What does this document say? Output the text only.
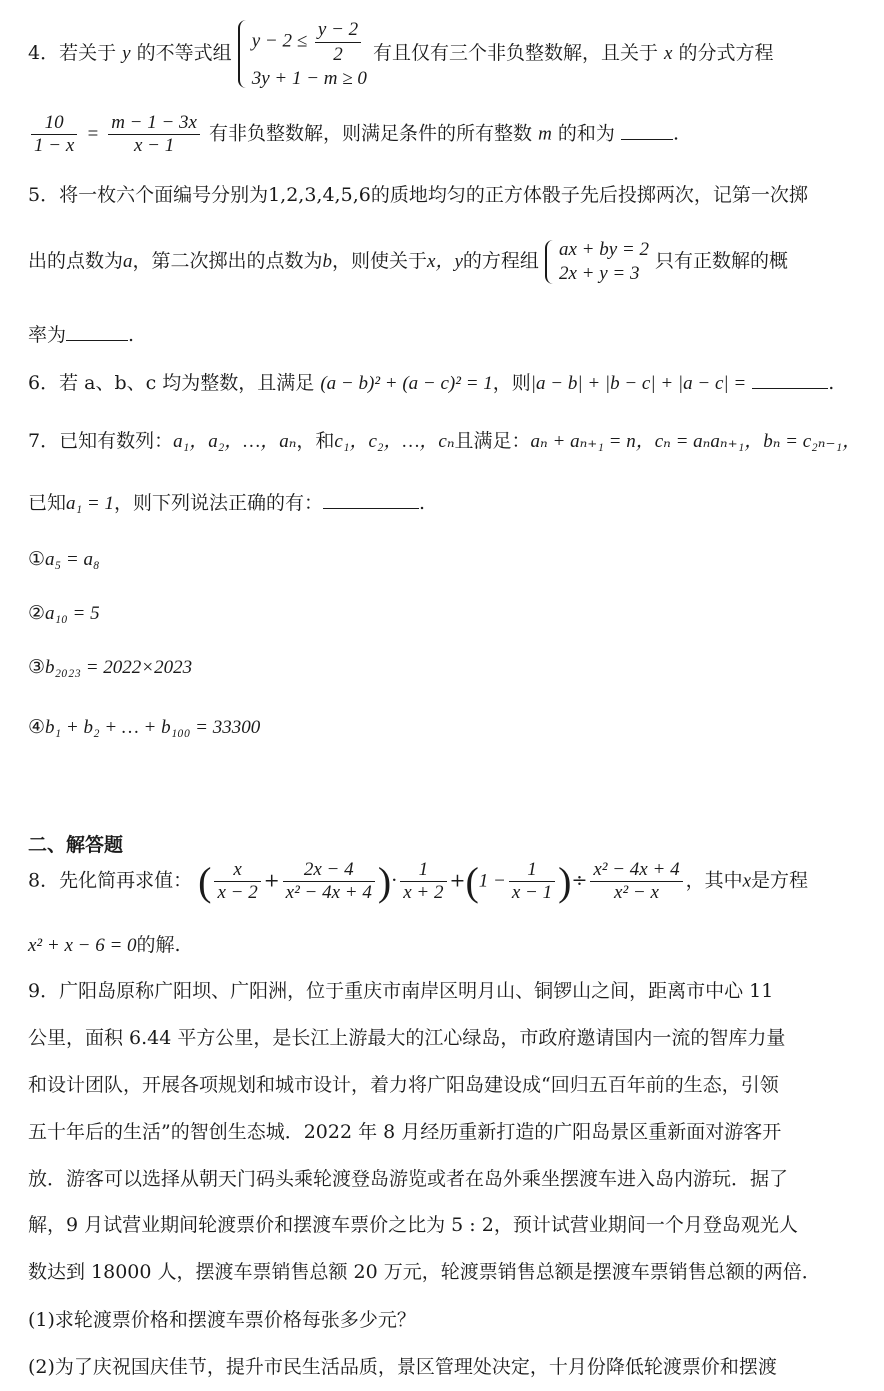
4．若关于 y 的不等式组
$y - 2 \le \frac{y - 2}{2}$
3y + 1 − m ≥ 0
有且仅有三个非负整数解，且关于 x 的分式方程
$\frac{10}{1 - x} = \frac{m - 1 - 3x}{x - 1}$ 有非负整数解，则满足条件的所有整数 m 的和为	.
5．将一枚六个面编号分别为1,2,3,4,5,6的质地均匀的正方体骰子先后投掷两次，记第一次掷
出的点数为a，第二次掷出的点数为b，则使关于x，y的方程组
ax + by = 2
2x + y = 3
只有正数解的概
率为	.
6．若 a、b、c 均为整数，且满足 (a − b)² + (a − c)² = 1，则|a − b| + |b − c| + |a − c| =	.
7．已知有数列：a₁，a₂，…，aₙ，和c₁，c₂，…，cₙ且满足：aₙ + aₙ₊₁ = n，cₙ = aₙaₙ₊₁，bₙ = c₂ₙ₋₁，
已知a₁ = 1，则下列说法正确的有：	.
①a₅ = a₈
②a₁₀ = 5
③b₂₀₂₃ = 2022×2023
④b₁ + b₂ + … + b₁₀₀ = 33300
二、解答题
8．先化简再求值： ( $\frac{x}{x - 2} + \frac{2x - 4}{\text{x² − 4x + 4}}$ )· $\frac{1}{x + 2} +(1 - \frac{1}{x - 1}$ )÷ $\frac{\text{x² − 4x + 4}}{\text{x² − x}}$ ，其中x是方程
x² + x − 6 = 0的解.
9．广阳岛原称广阳坝、广阳洲，位于重庆市南岸区明月山、铜锣山之间，距离市中心 11
公里，面积 6.44 平方公里，是长江上游最大的江心绿岛，市政府邀请国内一流的智库力量
和设计团队，开展各项规划和城市设计，着力将广阳岛建设成“回归五百年前的生态，引领
五十年后的生活”的智创生态城．2022 年 8 月经历重新打造的广阳岛景区重新面对游客开
放．游客可以选择从朝天门码头乘轮渡登岛游览或者在岛外乘坐摆渡车进入岛内游玩．据了
解，9 月试营业期间轮渡票价和摆渡车票价之比为 5 : 2，预计试营业期间一个月登岛观光人
数达到 18000 人，摆渡车票销售总额 20 万元，轮渡票销售总额是摆渡车票销售总额的两倍．
(1)求轮渡票价格和摆渡车票价格每张多少元？
(2)为了庆祝国庆佳节，提升市民生活品质，景区管理处决定，十月份降低轮渡票价和摆渡
